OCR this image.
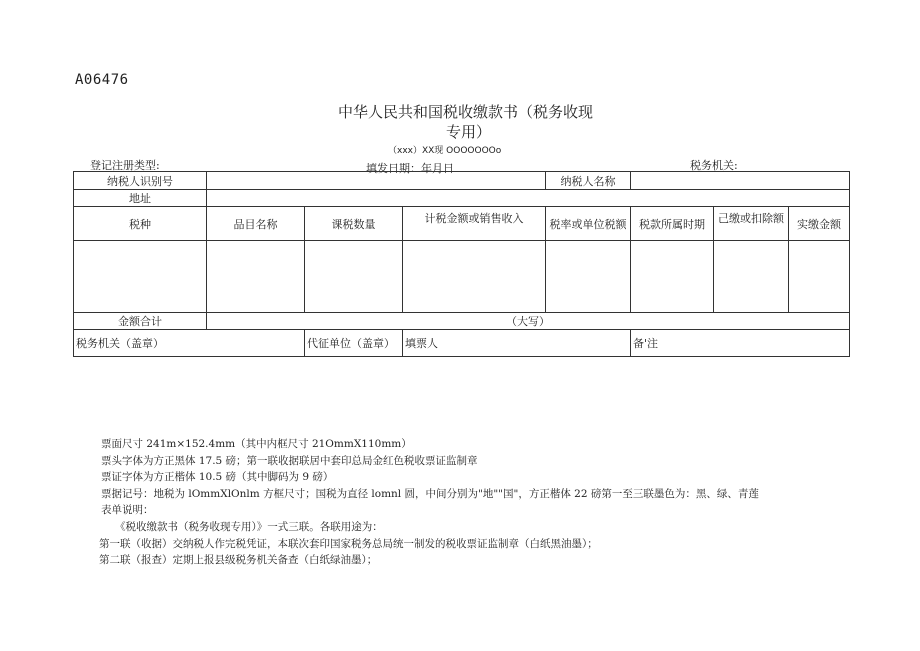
A06476
中华人民共和国税收缴款书（税务收现
专用）
（xxx）XX现 OOOOOOOo
登记注册类型:	填发日期：年月日	税务机关:
纳税人识别号				纳税人名称			
地址							
税种	品目名称	课税数量	计税金额或销售收入	税率或单位税额	税款所属时期	己缴或扣除额	实缴金额

金额合计	（大写）						
税务机关（盖章）		代征单位（盖章）	填票人		备'注		
票面尺寸 241m×152.4mm（其中内框尺寸 21OmmX110mm）
票头字体为方正黑体 17.5 磅；第一联收据联居中套印总局金红色税收票证监制章
票证字体为方正楷体 10.5 磅（其中脚码为 9 磅）
票据记号：地税为 lOmmXlOnlm 方框尺寸；国税为直径 lomnl 圆，中间分别为"地""国"，方正楷体 22 磅第一至三联墨色为：黑、绿、青莲
表单说明：
《税收缴款书（税务收现专用）》一式三联。各联用途为：
第一联（收据）交纳税人作完税凭证，本联次套印国家税务总局统一制发的税收票证监制章（白纸黑油墨）；
第二联（报查）定期上报县级税务机关备查（白纸绿油墨）；
